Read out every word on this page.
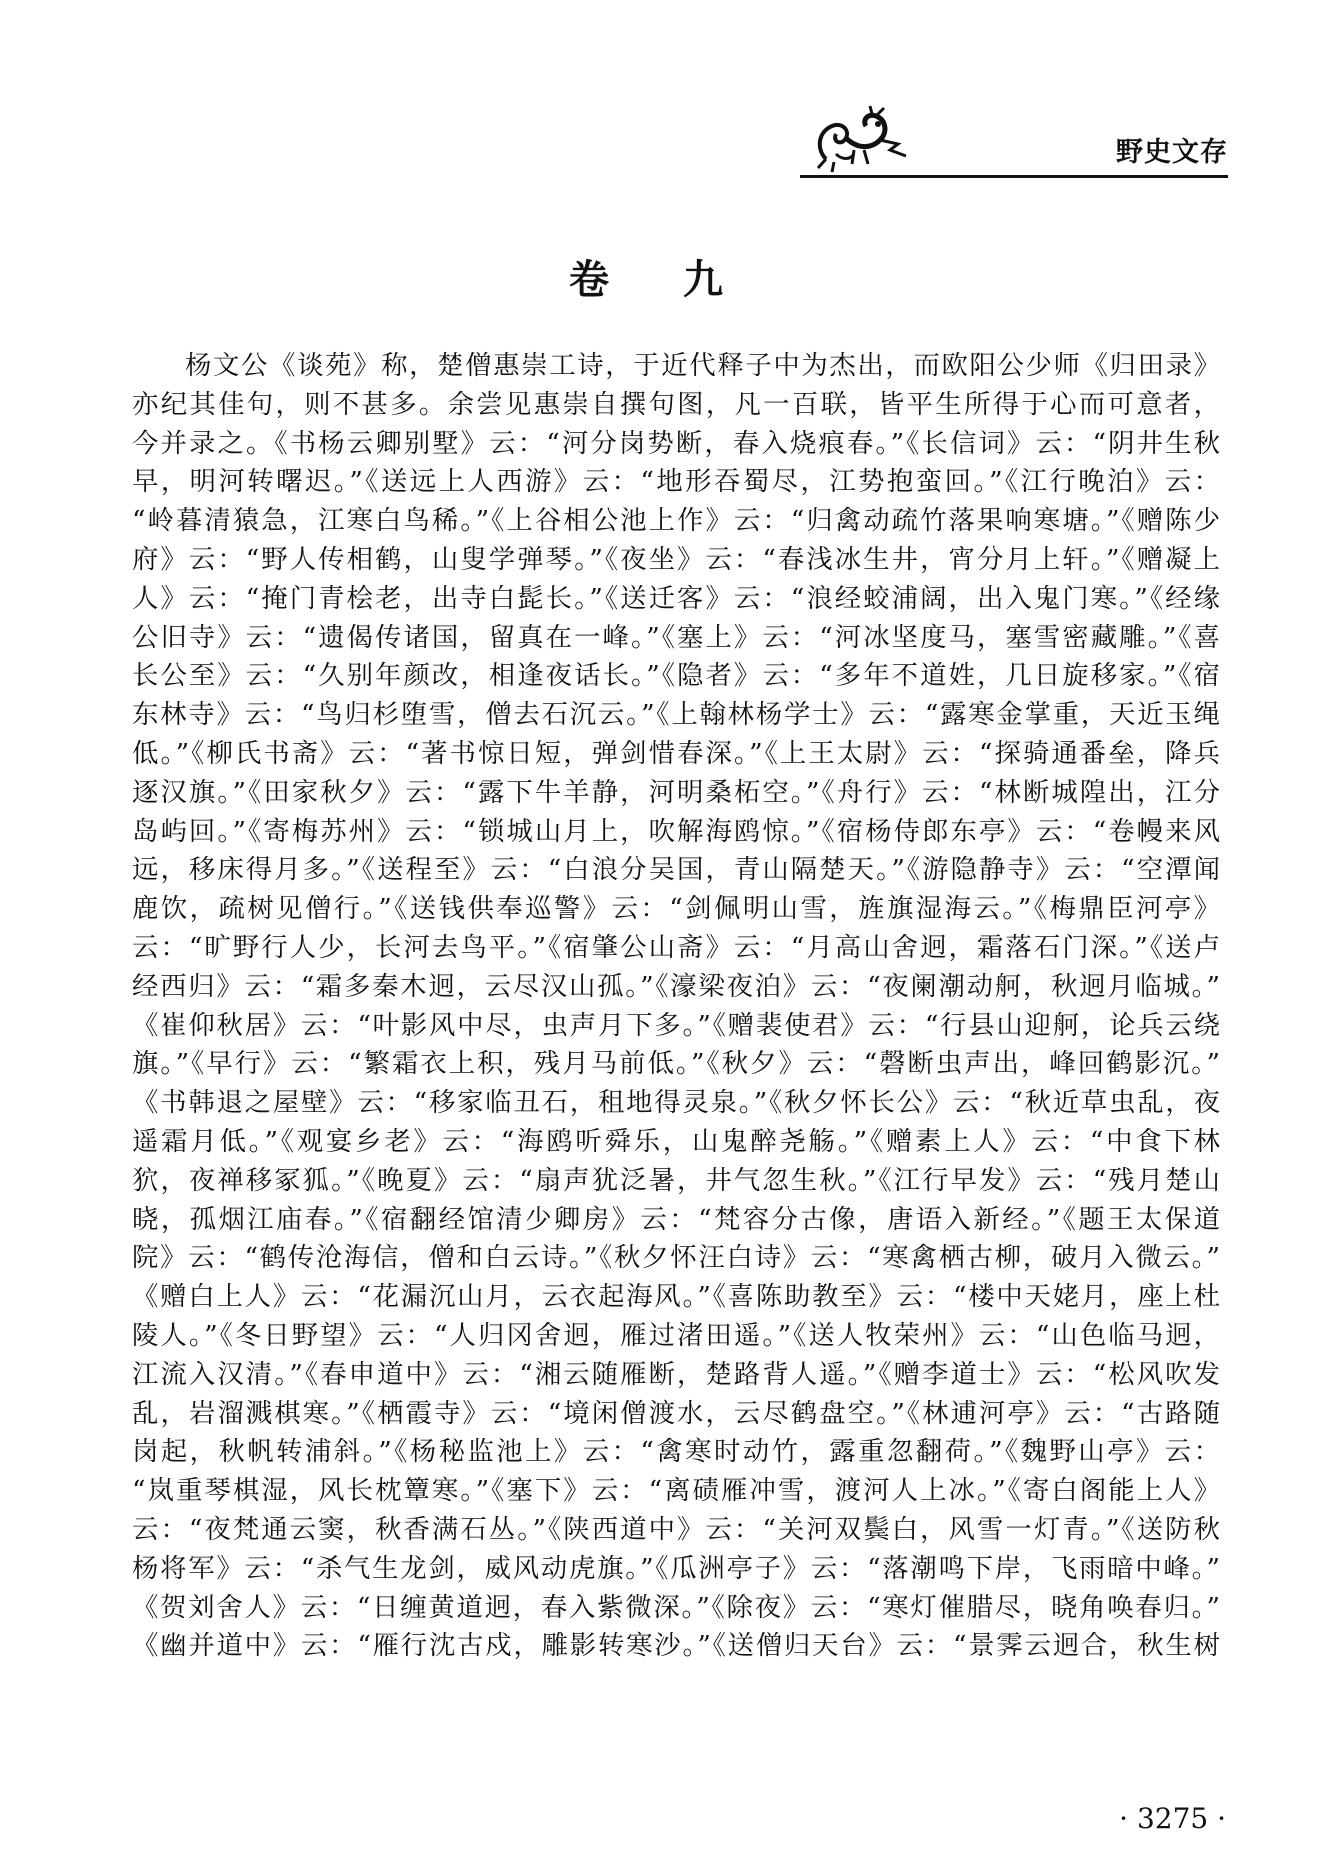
野史文存
卷 九
杨文公《谈苑》称，楚僧惠崇工诗，于近代释子中为杰出，而欧阳公少师《归田录》
亦纪其佳句，则不甚多。余尝见惠崇自撰句图，凡一百联，皆平生所得于心而可意者，
今并录之。《书杨云卿别墅》云：“河分岗势断，春入烧痕春。”《长信词》云：“阴井生秋
早，明河转曙迟。”《送远上人西游》云：“地形吞蜀尽，江势抱蛮回。”《江行晚泊》云：
“岭暮清猿急，江寒白鸟稀。”《上谷相公池上作》云：“归禽动疏竹落果响寒塘。”《赠陈少
府》云：“野人传相鹤，山叟学弹琴。”《夜坐》云：“春浅冰生井，宵分月上轩。”《赠凝上
人》云：“掩门青桧老，出寺白髭长。”《送迁客》云：“浪经蛟浦阔，出入鬼门寒。”《经缘
公旧寺》云：“遗偈传诸国，留真在一峰。”《塞上》云：“河冰坚度马，塞雪密藏雕。”《喜
长公至》云：“久别年颜改，相逢夜话长。”《隐者》云：“多年不道姓，几日旋移家。”《宿
东林寺》云：“鸟归杉堕雪，僧去石沉云。”《上翰林杨学士》云：“露寒金掌重，天近玉绳
低。”《柳氏书斋》云：“著书惊日短，弹剑惜春深。”《上王太尉》云：“探骑通番垒，降兵
逐汉旗。”《田家秋夕》云：“露下牛羊静，河明桑柘空。”《舟行》云：“林断城隍出，江分
岛屿回。”《寄梅苏州》云：“锁城山月上，吹解海鸥惊。”《宿杨侍郎东亭》云：“卷幔来风
远，移床得月多。”《送程至》云：“白浪分吴国，青山隔楚天。”《游隐静寺》云：“空潭闻
鹿饮，疏树见僧行。”《送钱供奉巡警》云：“剑佩明山雪，旌旗湿海云。”《梅鼎臣河亭》
云：“旷野行人少，长河去鸟平。”《宿肇公山斋》云：“月高山舍迥，霜落石门深。”《送卢
经西归》云：“霜多秦木迥，云尽汉山孤。”《濠梁夜泊》云：“夜阑潮动舸，秋迥月临城。”
《崔仰秋居》云：“叶影风中尽，虫声月下多。”《赠裴使君》云：“行县山迎舸，论兵云绕
旗。”《早行》云：“繁霜衣上积，残月马前低。”《秋夕》云：“磬断虫声出，峰回鹤影沉。”
《书韩退之屋壁》云：“移家临丑石，租地得灵泉。”《秋夕怀长公》云：“秋近草虫乱，夜
遥霜月低。”《观宴乡老》云：“海鸥听舜乐，山鬼醉尧觞。”《赠素上人》云：“中食下林
狖，夜禅移冢狐。”《晚夏》云：“扇声犹泛暑，井气忽生秋。”《江行早发》云：“残月楚山
晓，孤烟江庙春。”《宿翻经馆清少卿房》云：“梵容分古像，唐语入新经。”《题王太保道
院》云：“鹤传沧海信，僧和白云诗。”《秋夕怀汪白诗》云：“寒禽栖古柳，破月入微云。”
《赠白上人》云：“花漏沉山月，云衣起海风。”《喜陈助教至》云：“楼中天姥月，座上杜
陵人。”《冬日野望》云：“人归冈舍迥，雁过渚田遥。”《送人牧荣州》云：“山色临马迥，
江流入汉清。”《春申道中》云：“湘云随雁断，楚路背人遥。”《赠李道士》云：“松风吹发
乱，岩溜溅棋寒。”《栖霞寺》云：“境闲僧渡水，云尽鹤盘空。”《林逋河亭》云：“古路随
岗起，秋帆转浦斜。”《杨秘监池上》云：“禽寒时动竹，露重忽翻荷。”《魏野山亭》云：
“岚重琴棋湿，风长枕簟寒。”《塞下》云：“离碛雁冲雪，渡河人上冰。”《寄白阁能上人》
云：“夜梵通云窦，秋香满石丛。”《陕西道中》云：“关河双鬓白，风雪一灯青。”《送防秋
杨将军》云：“杀气生龙剑，威风动虎旗。”《瓜洲亭子》云：“落潮鸣下岸，飞雨暗中峰。”
《贺刘舍人》云：“日缠黄道迥，春入紫微深。”《除夜》云：“寒灯催腊尽，晓角唤春归。”
《幽并道中》云：“雁行沈古戍，雕影转寒沙。”《送僧归天台》云：“景霁云迥合，秋生树
· 3275 ·
